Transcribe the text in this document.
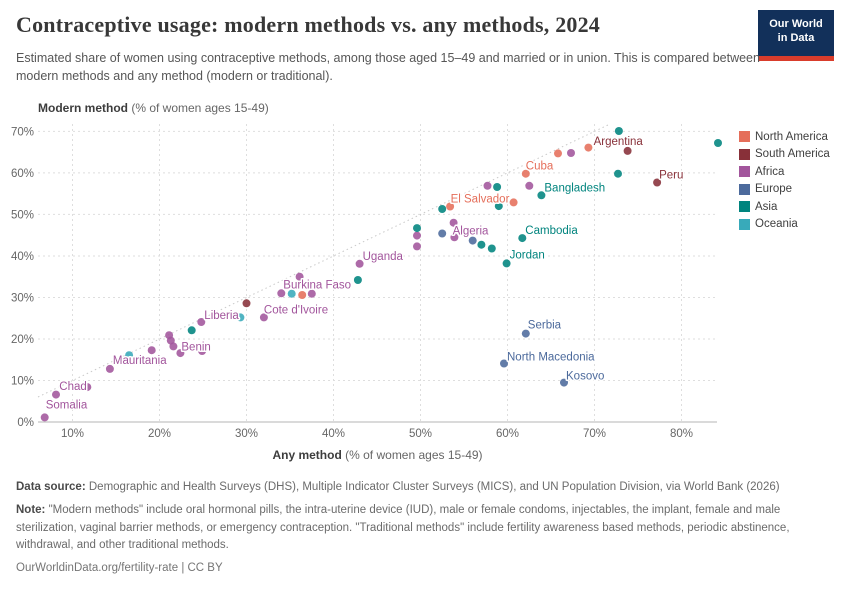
Contraceptive usage: modern methods vs. any methods, 2024	Our World
in Data

Estimated share of women using contraceptive methods, among those aged 15–49 and married or in union. This is compared between modern methods and any method (modern or traditional).

Modern method (% of women ages 15-49)
10%	20%	30%	40%	50%	60%	70%	80%
0%
10%
20%
30%
40%
50%
60%
70%
Somalia
Chad
Mauritania
Benin
Liberia Cote d'Ivoire
Burkina Faso
Uganda
Algeria
Jordan
Cambodia
Bangladesh
Serbia
North Macedonia
Kosovo
El Salvador
Cuba
Argentina
Peru
Any method (% of women ages 15-49)
North America
South America
Africa
Europe
Asia
Oceania

Data source: Demographic and Health Surveys (DHS), Multiple Indicator Cluster Surveys (MICS), and UN Population Division, via World Bank (2026)

Note: "Modern methods" include oral hormonal pills, the intra-uterine device (IUD), male or female condoms, injectables, the implant, female and male sterilization, vaginal barrier methods, or emergency contraception. "Traditional methods" include fertility awareness based methods, periodic abstinence, withdrawal, and other traditional methods.

OurWorldinData.org/fertility-rate | CC BY
